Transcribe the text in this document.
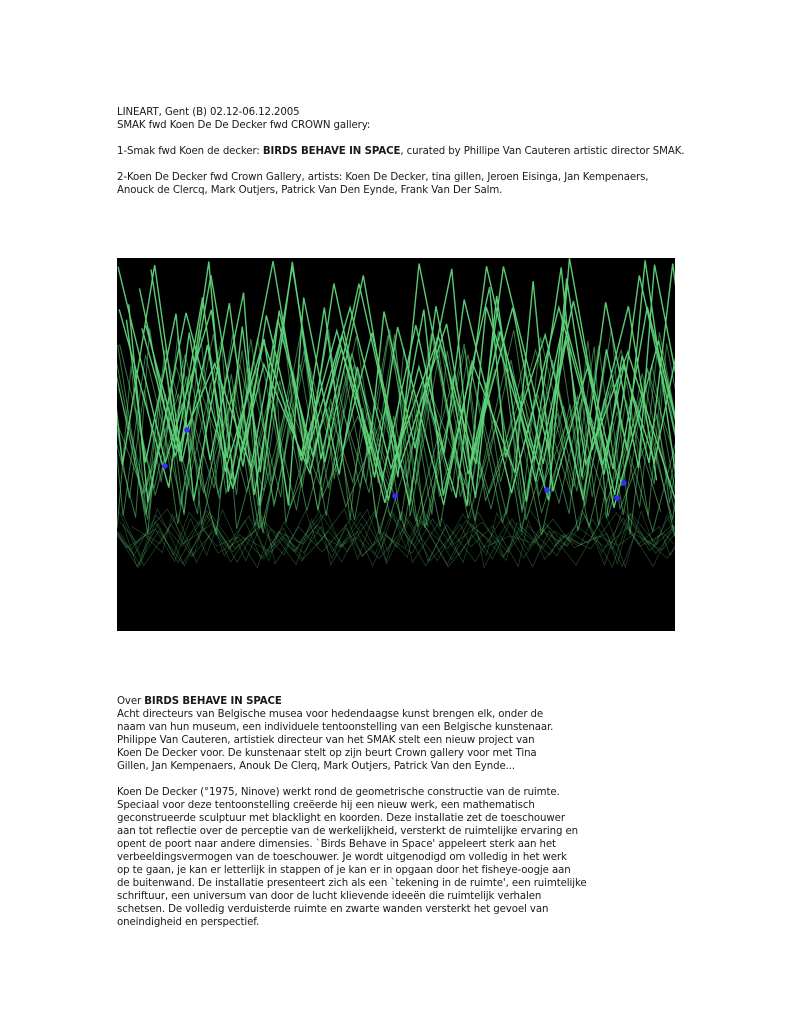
LINEART, Gent (B) 02.12-06.12.2005

SMAK fwd Koen De De Decker fwd CROWN gallery:

1-Smak fwd Koen de decker: BIRDS BEHAVE IN SPACE, curated by Phillipe Van Cauteren artistic director SMAK.

2-Koen De Decker fwd Crown Gallery, artists: Koen De Decker, tina gillen, Jeroen Eisinga, Jan Kempenaers,

Anouck de Clercq, Mark Outjers, Patrick Van Den Eynde, Frank Van Der Salm.

Over BIRDS BEHAVE IN SPACE

Acht directeurs van Belgische musea voor hedendaagse kunst brengen elk, onder de

naam van hun museum, een individuele tentoonstelling van een Belgische kunstenaar.

Philippe Van Cauteren, artistiek directeur van het SMAK stelt een nieuw project van

Koen De Decker voor. De kunstenaar stelt op zijn beurt Crown gallery voor met Tina

Gillen, Jan Kempenaers, Anouk De Clerq, Mark Outjers, Patrick Van den Eynde...

Koen De Decker (°1975, Ninove) werkt rond de geometrische constructie van de ruimte.

Speciaal voor deze tentoonstelling creëerde hij een nieuw werk, een mathematisch

geconstrueerde sculptuur met blacklight en koorden. Deze installatie zet de toeschouwer

aan tot reflectie over de perceptie van de werkelijkheid, versterkt de ruimtelijke ervaring en

opent de poort naar andere dimensies. `Birds Behave in Space' appeleert sterk aan het

verbeeldingsvermogen van de toeschouwer. Je wordt uitgenodigd om volledig in het werk

op te gaan, je kan er letterlijk in stappen of je kan er in opgaan door het fisheye-oogje aan

de buitenwand. De installatie presenteert zich als een `tekening in de ruimte', een ruimtelijke

schriftuur, een universum van door de lucht klievende ideeën die ruimtelijk verhalen

schetsen. De volledig verduisterde ruimte en zwarte wanden versterkt het gevoel van

oneindigheid en perspectief.
